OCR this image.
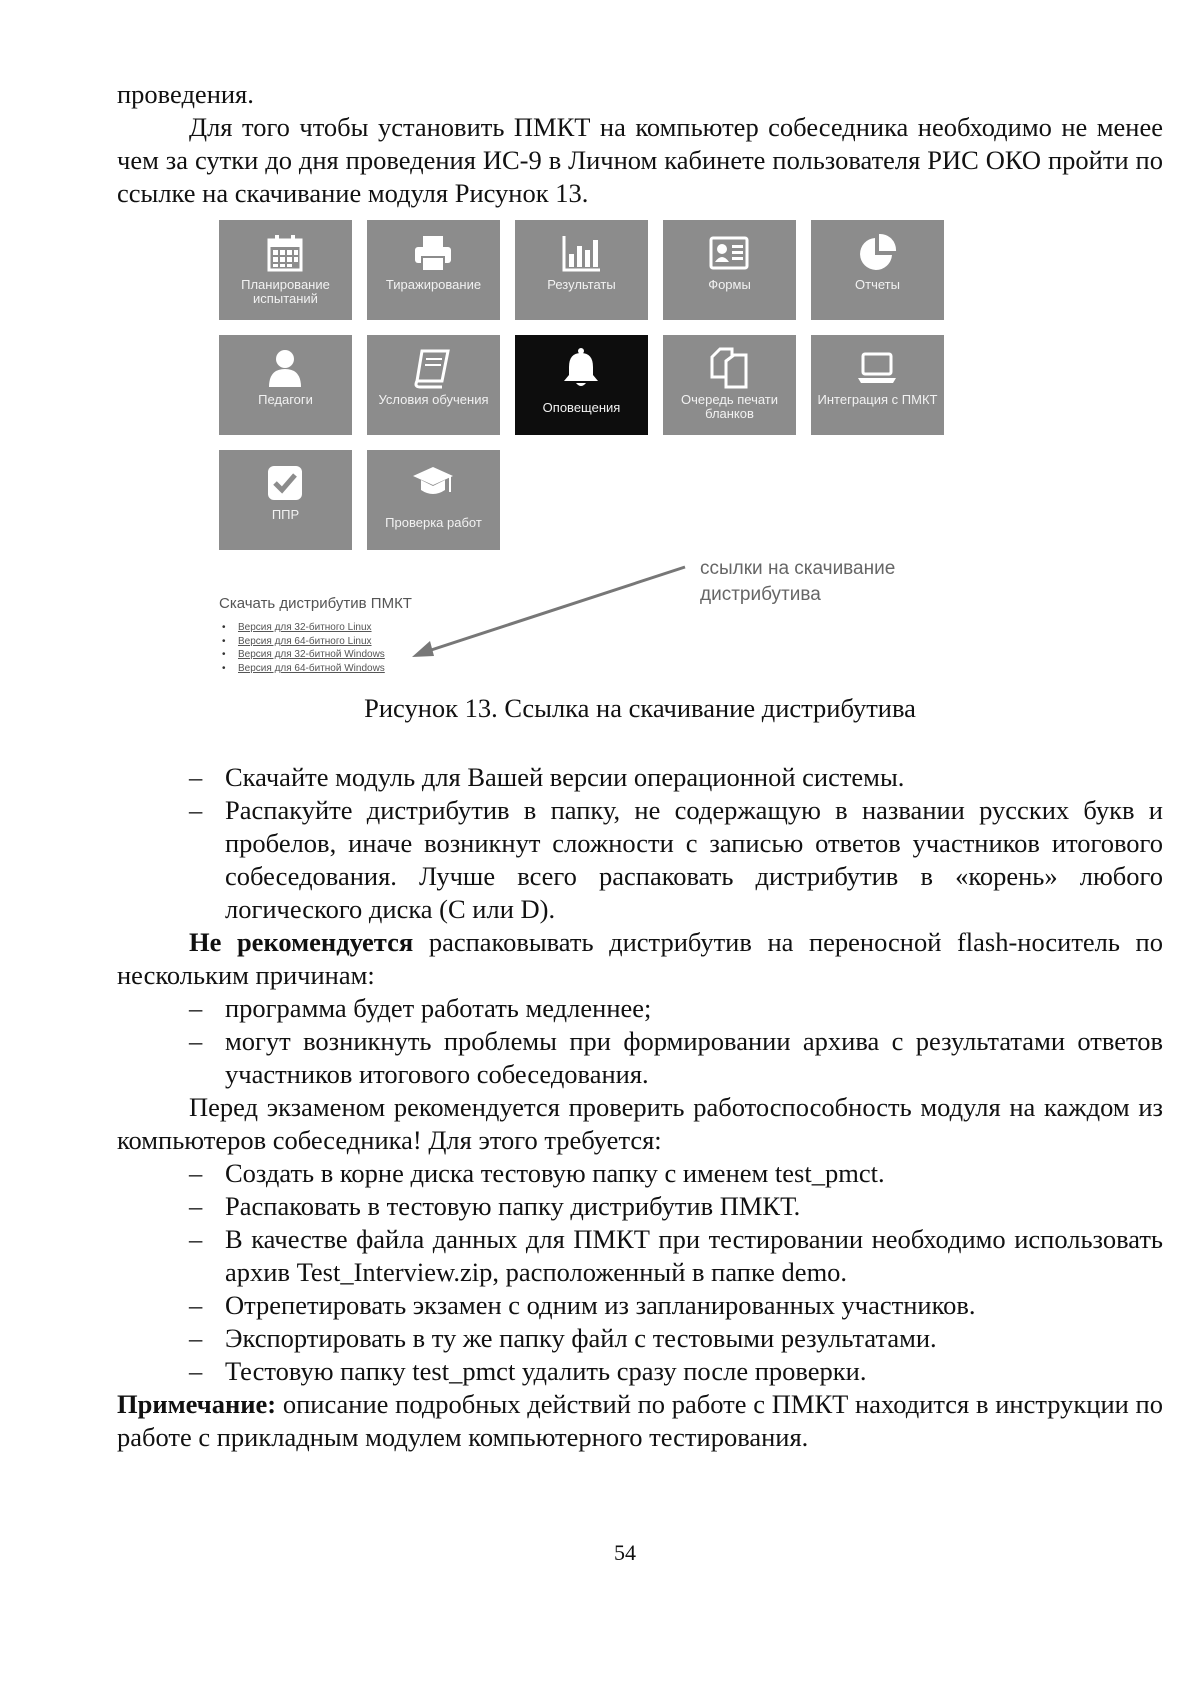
проведения.

Для того чтобы установить ПМКТ на компьютер собеседника необходимо не менее чем за сутки до дня проведения ИС-9 в Личном кабинете пользователя РИС ОКО пройти по ссылке на скачивание модуля Рисунок 13.

Планирование испытаний
Тиражирование	Результаты	Формы	Отчеты
Педагоги	Условия обучения
Оповещения
Очередь печати бланков
Интеграция с ПМКТ
ППР
Проверка работ
Скачать дистрибутив ПМКТ
• Версия для 32-битного Linux
• Версия для 64-битного Linux
• Версия для 32-битной Windows
• Версия для 64-битной Windows
ссылки на скачивание
дистрибутива
Рисунок 13. Ссылка на скачивание дистрибутива

– Скачайте модуль для Вашей версии операционной системы.

– Распакуйте дистрибутив в папку, не содержащую в названии русских букв и пробелов, иначе возникнут сложности с записью ответов участников итогового собеседования. Лучше всего распаковать дистрибутив в «корень» любого логического диска (C или D).

Не рекомендуется распаковывать дистрибутив на переносной flash-носитель по нескольким причинам:

– программа будет работать медленнее;

– могут возникнуть проблемы при формировании архива с результатами ответов участников итогового собеседования.

Перед экзаменом рекомендуется проверить работоспособность модуля на каждом из компьютеров собеседника! Для этого требуется:

– Создать в корне диска тестовую папку с именем test_pmct.

– Распаковать в тестовую папку дистрибутив ПМКТ.

– В качестве файла данных для ПМКТ при тестировании необходимо использовать архив Test_Interview.zip, расположенный в папке demo.

– Отрепетировать экзамен с одним из запланированных участников.

– Экспортировать в ту же папку файл с тестовыми результатами.

– Тестовую папку test_pmct удалить сразу после проверки.

Примечание: описание подробных действий по работе с ПМКТ находится в инструкции по работе с прикладным модулем компьютерного тестирования.

54
